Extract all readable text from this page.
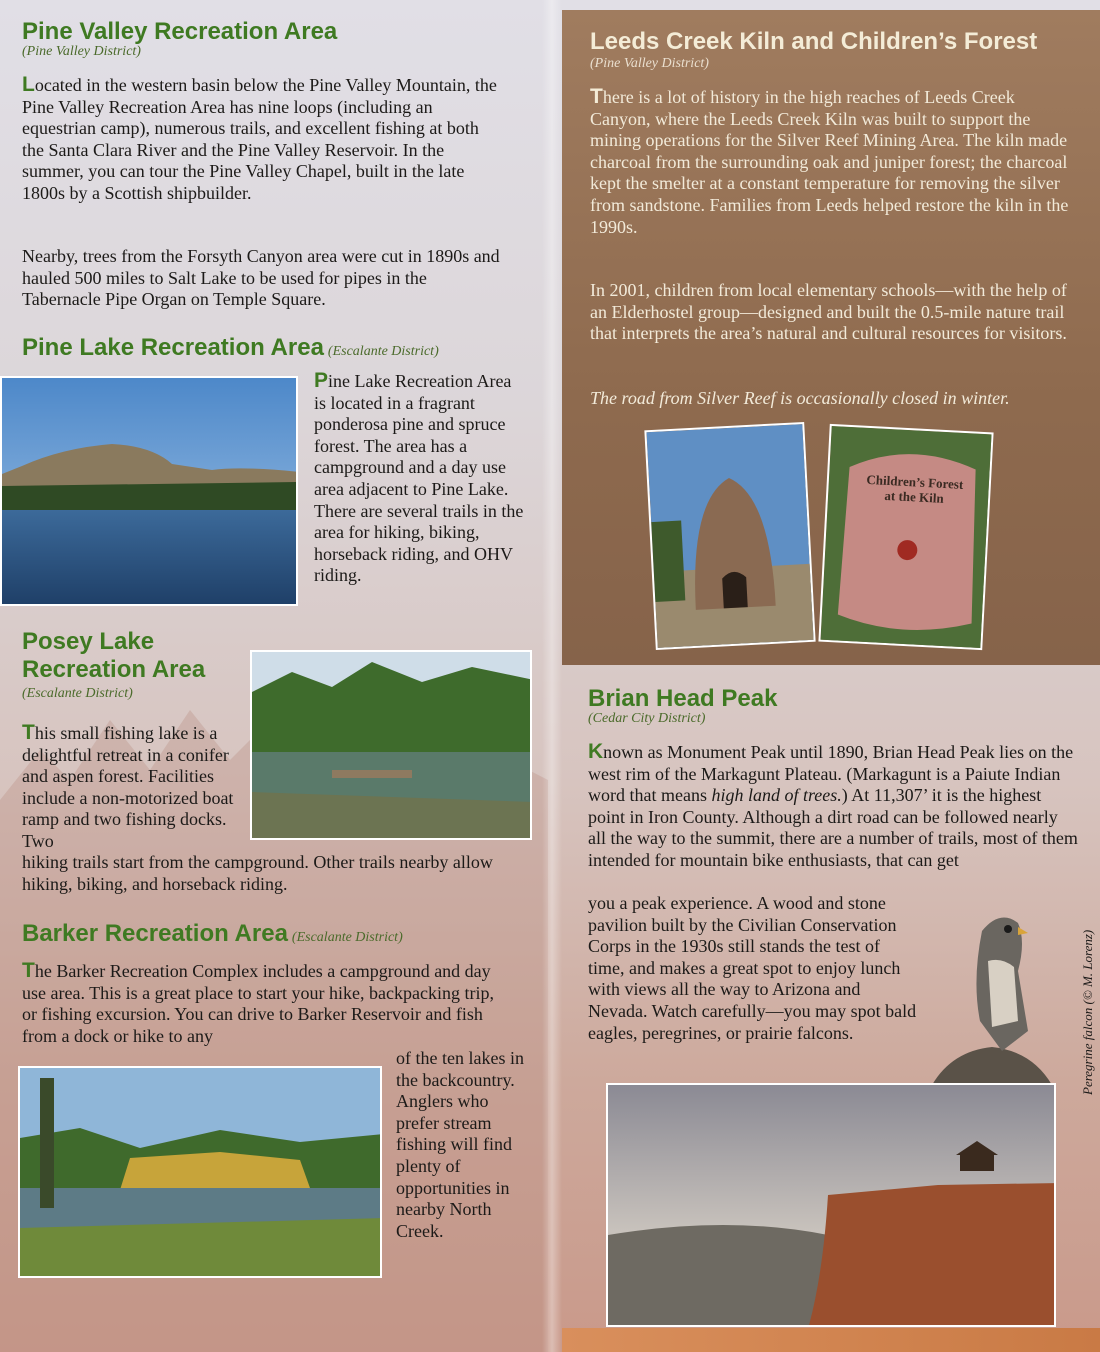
Pine Valley Recreation Area
(Pine Valley District)

Located in the western basin below the Pine Valley Mountain, the Pine Valley Recreation Area has nine loops (including an equestrian camp), numerous trails, and excellent fishing at both the Santa Clara River and the Pine Valley Reservoir. In the summer, you can tour the Pine Valley Chapel, built in the late 1800s by a Scottish shipbuilder.

Nearby, trees from the Forsyth Canyon area were cut in 1890s and hauled 500 miles to Salt Lake to be used for pipes in the Tabernacle Pipe Organ on Temple Square.

Pine Lake Recreation Area (Escalante District)

Pine Lake Recreation Area is located in a fragrant ponderosa pine and spruce forest. The area has a campground and a day use area adjacent to Pine Lake. There are several trails in the area for hiking, biking, horseback riding, and OHV riding.

Posey Lake
Recreation Area
(Escalante District)

This small fishing lake is a delightful retreat in a conifer and aspen forest. Facilities include a non-motorized boat ramp and two fishing docks. Two

hiking trails start from the campground. Other trails nearby allow hiking, biking, and horseback riding.

Barker Recreation Area (Escalante District)

The Barker Recreation Complex includes a campground and day use area. This is a great place to start your hike, backpacking trip, or fishing excursion. You can drive to Barker Reservoir and fish from a dock or hike to any

of the ten lakes in the backcountry. Anglers who prefer stream fishing will find plenty of opportunities in nearby North Creek.

Leeds Creek Kiln and Children’s Forest
(Pine Valley District)

There is a lot of history in the high reaches of Leeds Creek Canyon, where the Leeds Creek Kiln was built to support the mining operations for the Silver Reef Mining Area. The kiln made charcoal from the surrounding oak and juniper forest; the charcoal kept the smelter at a constant temperature for removing the silver from sandstone. Families from Leeds helped restore the kiln in the 1990s.

In 2001, children from local elementary schools—with the help of an Elderhostel group—designed and built the 0.5-mile nature trail that interprets the area’s natural and cultural resources for visitors.

The road from Silver Reef is occasionally closed in winter.

Children’s Forest
at the Kiln
Brian Head Peak
(Cedar City District)

Known as Monument Peak until 1890, Brian Head Peak lies on the west rim of the Markagunt Plateau. (Markagunt is a Paiute Indian word that means high land of trees.) At 11,307’ it is the highest point in Iron County. Although a dirt road can be followed nearly all the way to the summit, there are a number of trails, most of them intended for mountain bike enthusiasts, that can get

you a peak experience. A wood and stone pavilion built by the Civilian Conservation Corps in the 1930s still stands the test of time, and makes a great spot to enjoy lunch with views all the way to Arizona and Nevada. Watch carefully—you may spot bald eagles, peregrines, or prairie falcons.	Peregrine falcon (© M. Lorenz)
